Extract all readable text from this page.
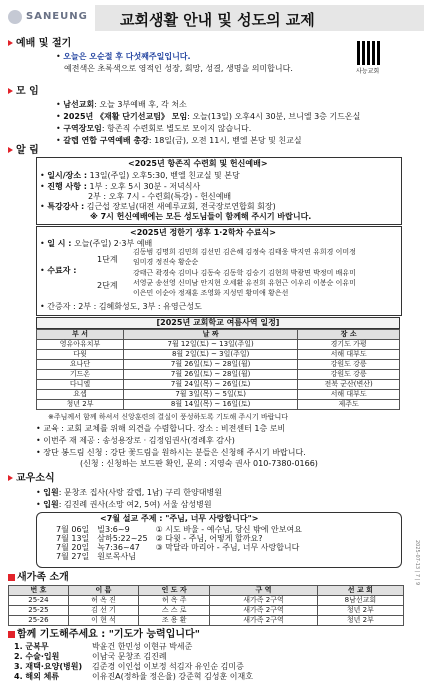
SANEUNG 교회생활 안내 및 성도의 교제
사능교회
예배 및 절기
• 오늘은 오순절 후 다섯째주일입니다.
예전색은 초록색으로 영적인 성장, 회망, 성결, 생명을 의미합니다.
모 임
• 남선교회: 오늘 3부예배 후, 각 처소
• 2025년 《재활 단기선교팀》 모임: 오늘(13일) 오후4시 30분, 브니엘 3층 기드온실
• 구역장모임: 항존직 수련회로 별도로 모이지 않습니다.
• 갈렙 연합 구역예배 총강: 18일(금), 오전 11시, 벧엘 본당 및 친교실
알 림
<2025년 항존직 수련회 및 헌신예배>
• 일시/장소 : 13일(주일) 오후5:30, 벧엘 친교실 및 본당
• 진행 사항 : 1부 : 오후 5시 30분 - 저녁식사
2부 : 오후 7시 - 수련회(특강) - 헌신예배
• 특강강사 : 김근섭 장로님(대전 새예루교회, 전국장로연합회 회장)
※ 7시 헌신예배에는 모든 성도님들이 함께해 주시기 바랍니다.
<2025년 정한기 생후 1·2학차 수료식>
• 일 시 : 오늘(주일) 2·3부 예배
• 수료자 :
1단계
김동범 김명희 김민희 김선민 김은혜 김정숙 김태웅 박지연 유희경 이미정
임미경 정진숙 황순순
2단계
강태근 곽경숙 김미나 김동숙 김동학 김승기 김현희 박광면 박정미 배유미
서영균 송선영 신미남 안지현 오세환 유진희 유현근 이우리 이봉순 이유미
이은민 이순아 정재훈 조영화 지성민 황미애 황은선
• 간증자 : 2부 : 김혜화성도, 3부 : 유영근성도
[2025년 교회학교 여름사역 일정]
부 서	날 짜	장 소
영유아유치부	7월 12일(토) ~ 13일(주일)	경기도 가평
다윗	8월 2일(토) ~ 3일(주일)	서해 대부도
요나단	7월 26일(토) ~ 28일(월)	강원도 강릉
기드온	7월 26일(토) ~ 28일(월)	강원도 강릉
다니엘	7월 24일(목) ~ 26일(토)	전북 군산(변산)
요셉	7월 3일(목) ~ 5일(토)	서해 대부도
청년 2부	8월 14일(목) ~ 16일(토)	제주도
※주님께서 함께 하셔서 신앙훈련의 결실이 풍성하도록 기도해 주시기 바랍니다
• 교육 : 교회 교체를 위해 의견을 수렴합니다. 장소 : 비전센터 1층 로비
• 이번주 재 제공 : 송성용장로 · 김정임권사(경례후 감사)
• 장단 봉드림 신청 : 강단 꽃드림을 원하시는 분들은 신청해 주시기 바랍니다.
(신청 : 신청하는 보드판 확인, 문의 : 지영숙 권사 010-7380-0166)
교우소식
• 입원: 문창조 집사(사랑 갈렙, 1남) 구리 한양대병원
• 입원: 김진례 권사(소망 여2, 5여) 서울 삼성병원
<7월 설교 주제 : "주님, 너무 사랑합니다">
7월 06일	빌3:6~9	① 시도 바울 - 예수님, 당신 밖에 안보여요
7월 13일	삼하5:22~25	② 다윗 - 주님, 어떻게 할까요?
7월 20일	녹7:36~47	③ 막달라 마리아 - 주님, 너무 사랑합니다
7월 27일	원로목사님	
새가족 소개
번 호	이 름	인 도 자	구 역	선 교 회
25-24	허 옥 진	허 옥 주	새가족 2구역	8남선교회
25-25	김 선 기	스 스 로	새가족 2구역	청년 2부
25-26	이 현 석	조 용 환	새가족 2구역	청년 2부
함께 기도해주세요 : "기도가 능력입니다"
1. 군복무	박윤건 한민성 이현규 박세준
2. 수술·입원	이남국 문창조 김진례
3. 재택·요양(병원) 김준경 이인섭 이보정 석김자 유인순 김미증
4. 해외 체류	이유진A(정하율 정은율) 강준혁 김성훈 이재호
2025-07-13 | 7 | 9
